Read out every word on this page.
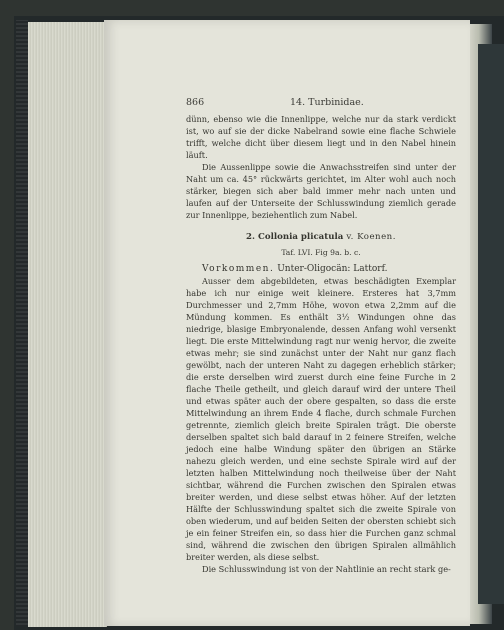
866	14. Turbinidae.

dünn, ebenso wie die Innenlippe, welche nur da stark verdickt ist, wo auf sie der dicke Nabelrand sowie eine flache Schwiele trifft, welche dicht über diesem liegt und in den Nabel hinein läuft.

Die Aussenlippe sowie die Anwachsstreifen sind unter der Naht um ca. 45° rückwärts gerichtet, im Alter wohl auch noch stärker, biegen sich aber bald immer mehr nach unten und laufen auf der Unterseite der Schlusswindung ziemlich gerade zur Innenlippe, beziehentlich zum Nabel.

2. Collonia plicatula v. Koenen.
Taf. LVI. Fig 9a. b. c.

Vorkommen. Unter-Oligocän: Lattorf.

Ausser dem abgebildeten, etwas beschädigten Exemplar habe ich nur einige weit kleinere. Ersteres hat 3,7mm Durchmesser und 2,7mm Höhe, wovon etwa 2,2mm auf die Mündung kommen. Es enthält 3½ Windungen ohne das niedrige, blasige Embryonalende, dessen Anfang wohl versenkt liegt. Die erste Mittelwindung ragt nur wenig hervor, die zweite etwas mehr; sie sind zunächst unter der Naht nur ganz flach gewölbt, nach der unteren Naht zu dagegen erheblich stärker; die erste derselben wird zuerst durch eine feine Furche in 2 flache Theile getheilt, und gleich darauf wird der untere Theil und etwas später auch der obere gespalten, so dass die erste Mittelwindung an ihrem Ende 4 flache, durch schmale Furchen getrennte, ziemlich gleich breite Spiralen trägt. Die oberste derselben spaltet sich bald darauf in 2 feinere Streifen, welche jedoch eine halbe Windung später den übrigen an Stärke nahezu gleich werden, und eine sechste Spirale wird auf der letzten halben Mittelwindung noch theilweise über der Naht sichtbar, während die Furchen zwischen den Spiralen etwas breiter werden, und diese selbst etwas höher. Auf der letzten Hälfte der Schlusswindung spaltet sich die zweite Spirale von oben wiederum, und auf beiden Seiten der obersten schiebt sich je ein feiner Streifen ein, so dass hier die Furchen ganz schmal sind, während die zwischen den übrigen Spiralen allmählich breiter werden, als diese selbst.

Die Schlusswindung ist von der Nahtlinie an recht stark ge-
